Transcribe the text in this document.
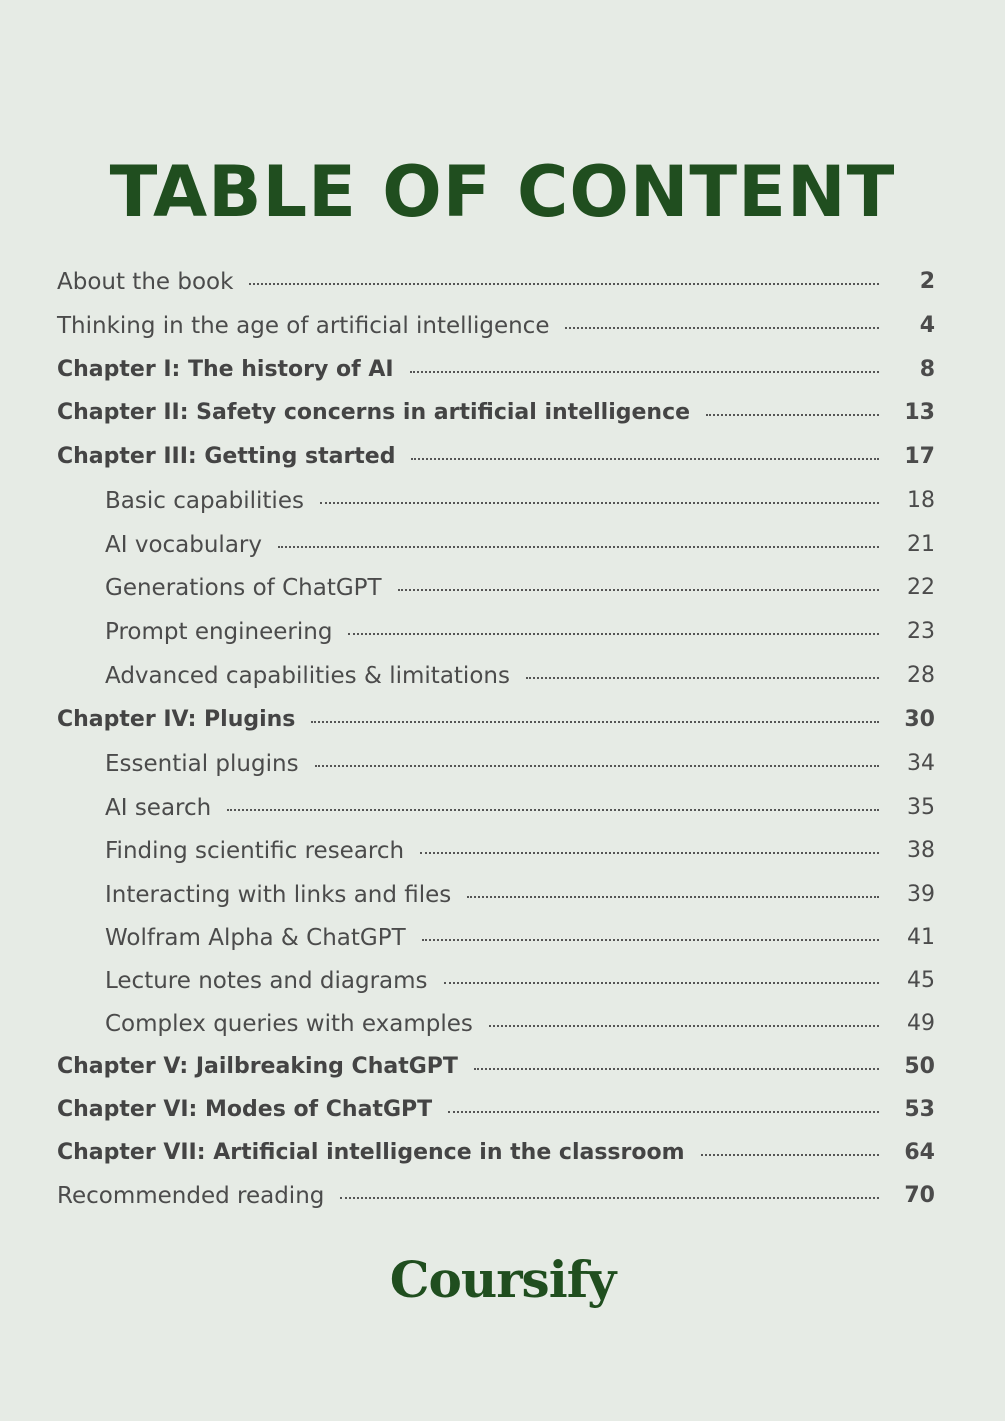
TABLE OF CONTENT
About the book	2
Thinking in the age of artificial intelligence	4
Chapter I: The history of AI	8
Chapter II: Safety concerns in artificial intelligence	13
Chapter III: Getting started	17
Basic capabilities	18
AI vocabulary	21
Generations of ChatGPT	22
Prompt engineering	23
Advanced capabilities & limitations	28
Chapter IV: Plugins	30
Essential plugins	34
AI search	35
Finding scientific research	38
Interacting with links and files	39
Wolfram Alpha & ChatGPT	41
Lecture notes and diagrams	45
Complex queries with examples	49
Chapter V: Jailbreaking ChatGPT	50
Chapter VI: Modes of ChatGPT	53
Chapter VII: Artificial intelligence in the classroom	64
Recommended reading	70
Coursify
